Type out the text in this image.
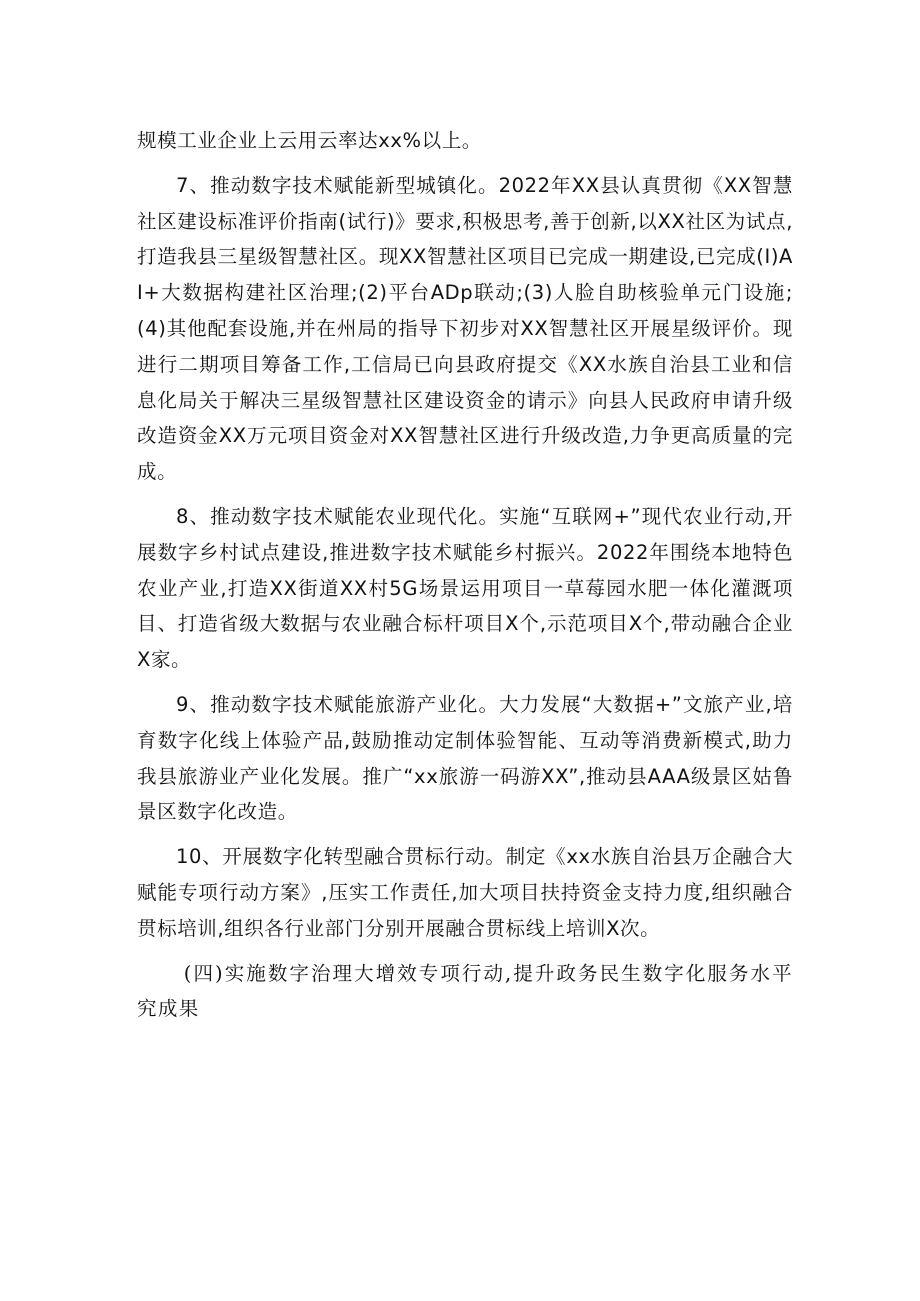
规模工业企业上云用云率达xx%以上。

7、推动数字技术赋能新型城镇化。2022年XX县认真贯彻《XX智慧社区建设标准评价指南(试行)》要求,积极思考,善于创新,以XX社区为试点,打造我县三星级智慧社区。现XX智慧社区项目已完成一期建设,已完成(I)AI+大数据构建社区治理;(2)平台ADp联动;(3)人脸自助核验单元门设施;(4)其他配套设施,并在州局的指导下初步对XX智慧社区开展星级评价。现进行二期项目筹备工作,工信局已向县政府提交《XX水族自治县工业和信息化局关于解决三星级智慧社区建设资金的请示》向县人民政府申请升级改造资金XX万元项目资金对XX智慧社区进行升级改造,力争更高质量的完成。

8、推动数字技术赋能农业现代化。实施“互联网+”现代农业行动,开展数字乡村试点建设,推进数字技术赋能乡村振兴。2022年围绕本地特色农业产业,打造XX街道XX村5G场景运用项目一草莓园水肥一体化灌溉项目、打造省级大数据与农业融合标杆项目X个,示范项目X个,带动融合企业X家。

9、推动数字技术赋能旅游产业化。大力发展“大数据+”文旅产业,培育数字化线上体验产品,鼓励推动定制体验智能、互动等消费新模式,助力我县旅游业产业化发展。推广“xx旅游一码游XX”,推动县AAA级景区姑鲁景区数字化改造。

10、开展数字化转型融合贯标行动。制定《xx水族自治县万企融合大赋能专项行动方案》,压实工作责任,加大项目扶持资金支持力度,组织融合贯标培训,组织各行业部门分别开展融合贯标线上培训X次。

(四)实施数字治理大增效专项行动,提升政务民生数字化服务水平究成果
